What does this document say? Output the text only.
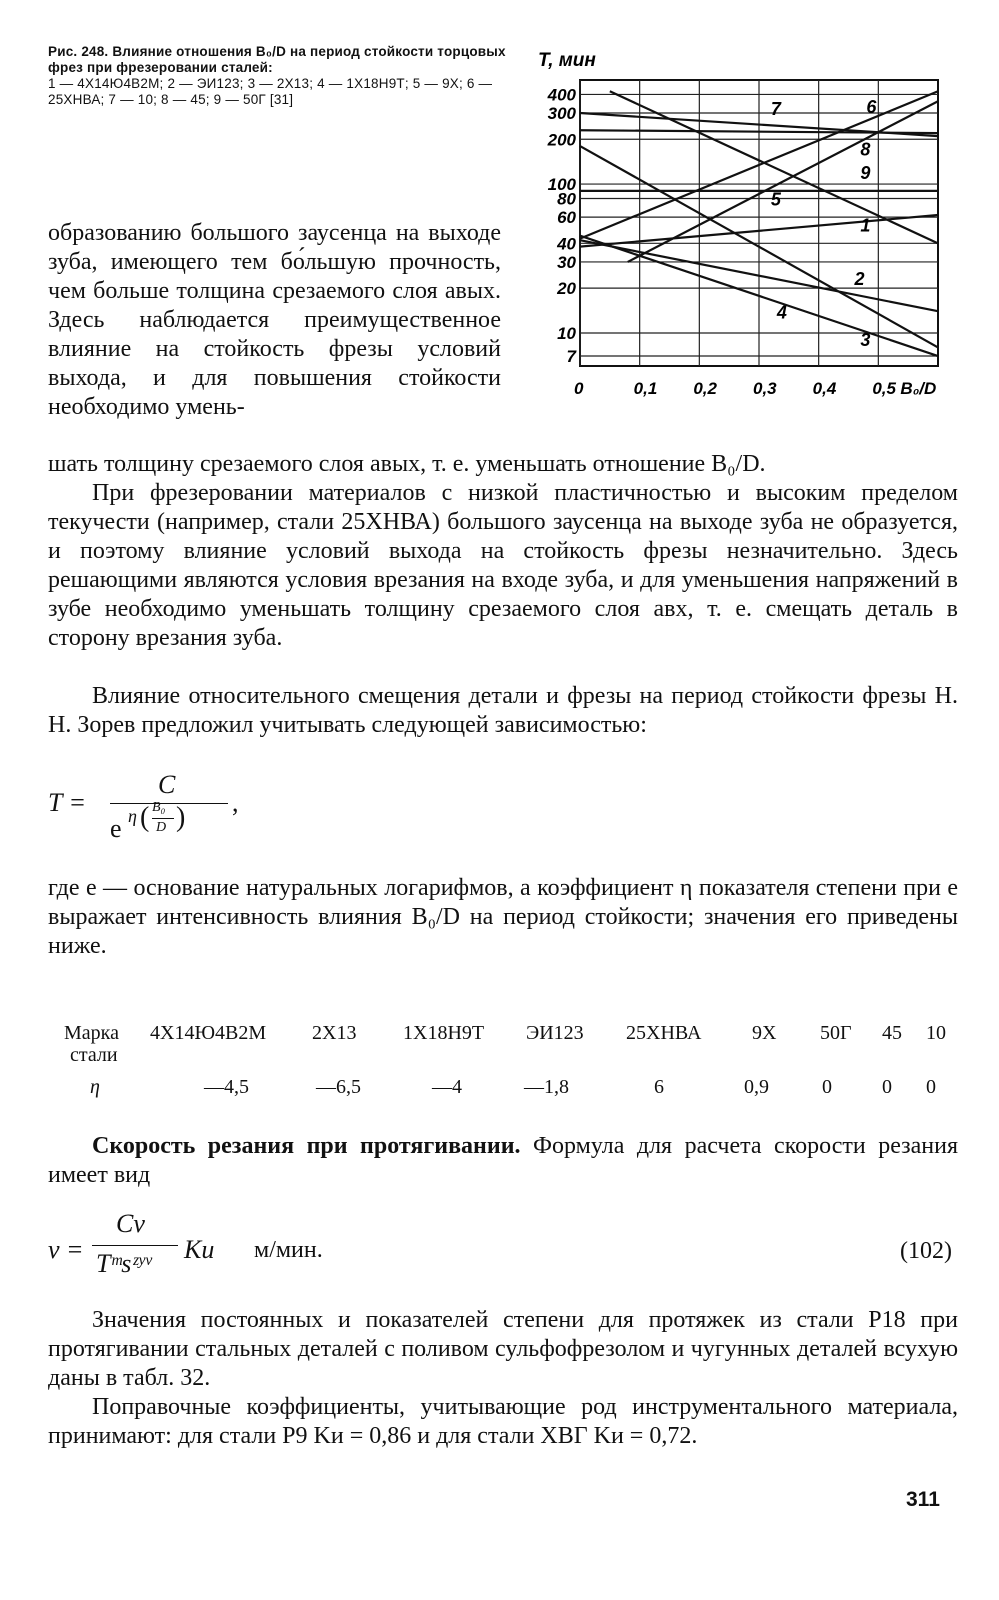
Рис. 248. Влияние отношения B₀/D на период стойкости торцовых фрез при фрезеровании сталей:
1 — 4Х14Ю4В2М; 2 — ЭИ123; 3 — 2Х13; 4 — 1Х18Н9Т; 5 — 9Х; 6 — 25ХНВА; 7 — 10; 8 — 45; 9 — 50Г [31]
0	0,1 0,2 0,3 0,4 0,5 B₀/D
400
300
200
100
80
60
40
30
20
10
7
1
2
3
4
5
6
7
8
9
T, мин
образованию большого заусенца на выходе зуба, имеющего тем бо́льшую прочность, чем больше толщина срезаемого слоя aвых. Здесь наблюдается преимущественное влияние на стойкость фрезы условий выхода, и для повышения стойкости необходимо умень-
шать толщину срезаемого слоя aвых, т. е. уменьшать отношение B₀/D.
При фрезеровании материалов с низкой пластичностью и высоким пределом текучести (например, стали 25ХНВА) большого заусенца на выходе зуба не образуется, и поэтому влияние условий выхода на стойкость фрезы незначительно. Здесь решающими являются условия врезания на входе зуба, и для уменьшения напряжений в зубе необходимо уменьшать толщину срезаемого слоя aвх, т. е. смещать деталь в сторону врезания зуба.
Влияние относительного смещения детали и фрезы на период стойкости фрезы Н. Н. Зорев предложил учитывать следующей зависимостью:
T =
C
e η ( B₀
D ) ,
где e — основание натуральных логарифмов, а коэффициент η показателя степени при e выражает интенсивность влияния B₀/D на период стойкости; значения его приведены ниже.
Марка 4Х14Ю4В2М 2Х13 1Х18Н9Т ЭИ123 25ХНВА	9Х 50Г 45 10
стали
η	—4,5	—6,5	—4	—1,8	6	0,9	0	0 0
Скорость резания при протягивании. Формула для расчета скорости резания имеет вид
v =
Cv
Tᵐsᶻʸᵛ Kи м/мин.	(102)
Значения постоянных и показателей степени для протяжек из стали Р18 при протягивании стальных деталей с поливом сульфофрезолом и чугунных деталей всухую даны в табл. 32.
Поправочные коэффициенты, учитывающие род инструментального материала, принимают: для стали Р9 Kи = 0,86 и для стали ХВГ Kи = 0,72.
311
